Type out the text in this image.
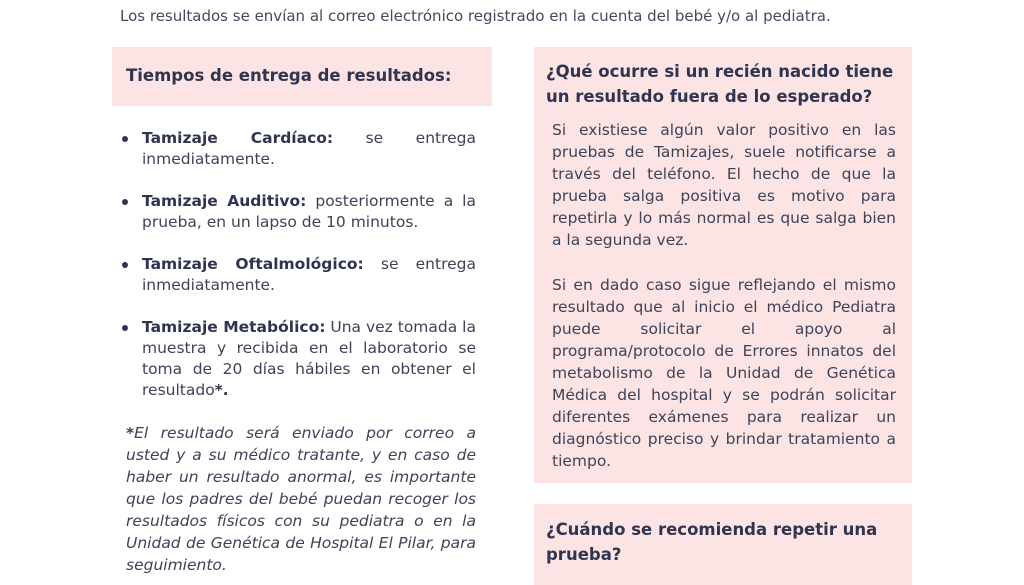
Los resultados se envían al correo electrónico registrado en la cuenta del bebé y/o al pediatra.
Tiempos de entrega de resultados:
Tamizaje Cardíaco: se entrega inmediatamente.
Tamizaje Auditivo: posteriormente a la prueba, en un lapso de 10 minutos.
Tamizaje Oftalmológico: se entrega inmediatamente.
Tamizaje Metabólico: Una vez tomada la muestra y recibida en el laboratorio se toma de 20 días hábiles en obtener el resultado*.
*El resultado será enviado por correo a usted y a su médico tratante, y en caso de haber un resultado anormal, es importante que los padres del bebé puedan recoger los resultados físicos con su pediatra o en la Unidad de Genética de Hospital El Pilar, para seguimiento.
¿Qué ocurre si un recién nacido tiene un resultado fuera de lo esperado?

Si existiese algún valor positivo en las pruebas de Tamizajes, suele notificarse a través del teléfono. El hecho de que la prueba salga positiva es motivo para repetirla y lo más normal es que salga bien a la segunda vez.

Si en dado caso sigue reflejando el mismo resultado que al inicio el médico Pediatra puede solicitar el apoyo al programa/protocolo de Errores innatos del metabolismo de la Unidad de Genética Médica del hospital y se podrán solicitar diferentes exámenes para realizar un diagnóstico preciso y brindar tratamiento a tiempo.

¿Cuándo se recomienda repetir una prueba?
